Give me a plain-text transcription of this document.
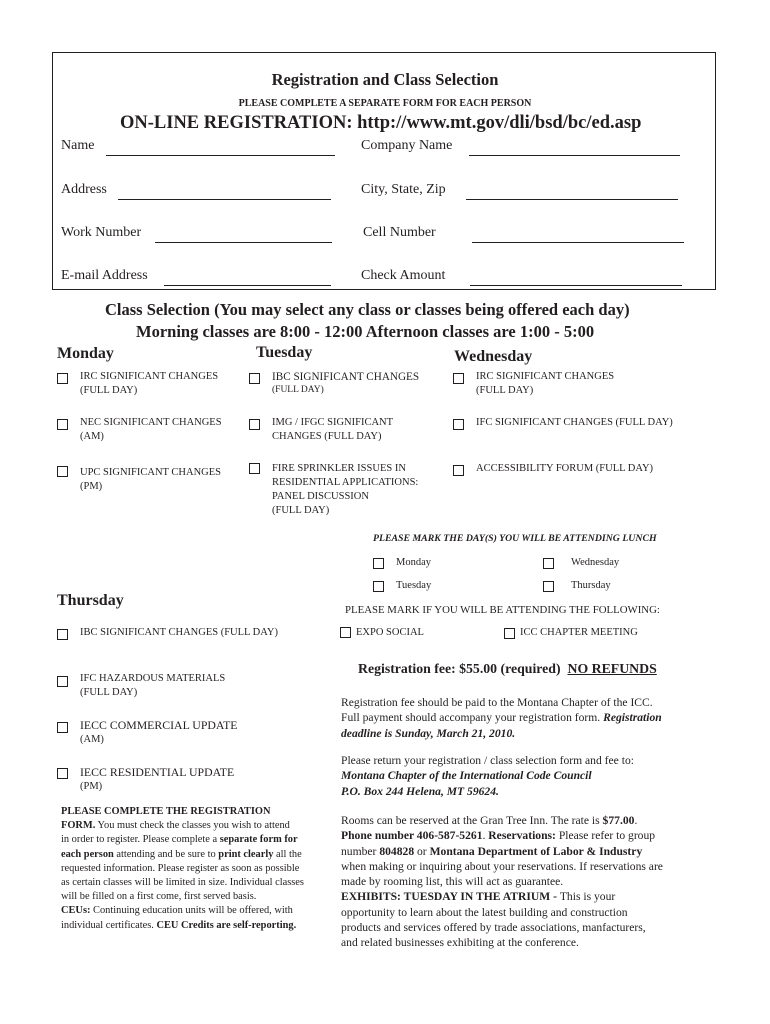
Registration and Class Selection
PLEASE COMPLETE A SEPARATE FORM FOR EACH PERSON
ON-LINE REGISTRATION: http://www.mt.gov/dli/bsd/bc/ed.asp
Name	Company Name
Address	City, State, Zip
Work Number	Cell Number
E-mail Address	Check Amount
Class Selection (You may select any class or classes being offered each day)
Morning classes are 8:00 - 12:00 Afternoon classes are 1:00 - 5:00
Monday	Tuesday	Wednesday
IRC SIGNIFICANT CHANGES
(FULL DAY)
NEC SIGNIFICANT CHANGES
(AM)
UPC SIGNIFICANT CHANGES
(PM)
IBC SIGNIFICANT CHANGES
(FULL DAY)
IMG / IFGC SIGNIFICANT
CHANGES (FULL DAY)
FIRE SPRINKLER ISSUES IN
RESIDENTIAL APPLICATIONS:
PANEL DISCUSSION
(FULL DAY)
IRC SIGNIFICANT CHANGES
(FULL DAY)
IFC SIGNIFICANT CHANGES (FULL DAY)
ACCESSIBILITY FORUM (FULL DAY)
PLEASE MARK THE DAY(S) YOU WILL BE ATTENDING LUNCH
Monday	Wednesday
Tuesday	Thursday
Thursday
PLEASE MARK IF YOU WILL BE ATTENDING THE FOLLOWING:
IBC SIGNIFICANT CHANGES (FULL DAY)	EXPO SOCIAL	ICC CHAPTER MEETING
IFC HAZARDOUS MATERIALS
(FULL DAY)
IECC COMMERCIAL UPDATE
(AM)
IECC RESIDENTIAL UPDATE
(PM)
Registration fee: $55.00 (required) NO REFUNDS
Registration fee should be paid to the Montana Chapter of the ICC.
Full payment should accompany your registration form. Registration
deadline is Sunday, March 21, 2010.
Please return your registration / class selection form and fee to:
Montana Chapter of the International Code Council
P.O. Box 244 Helena, MT 59624.
Rooms can be reserved at the Gran Tree Inn. The rate is $77.00.
Phone number 406-587-5261. Reservations: Please refer to group
number 804828 or Montana Department of Labor & Industry
when making or inquiring about your reservations. If reservations are
made by rooming list, this will act as guarantee.
EXHIBITS: TUESDAY IN THE ATRIUM - This is your
opportunity to learn about the latest building and construction
products and services offered by trade associations, manfacturers,
and related businesses exhibiting at the conference.
PLEASE COMPLETE THE REGISTRATION
FORM. You must check the classes you wish to attend
in order to register. Please complete a separate form for
each person attending and be sure to print clearly all the
requested information. Please register as soon as possible
as certain classes will be limited in size. Individual classes
will be filled on a first come, first served basis.
CEUs: Continuing education units will be offered, with
individual certificates. CEU Credits are self-reporting.
